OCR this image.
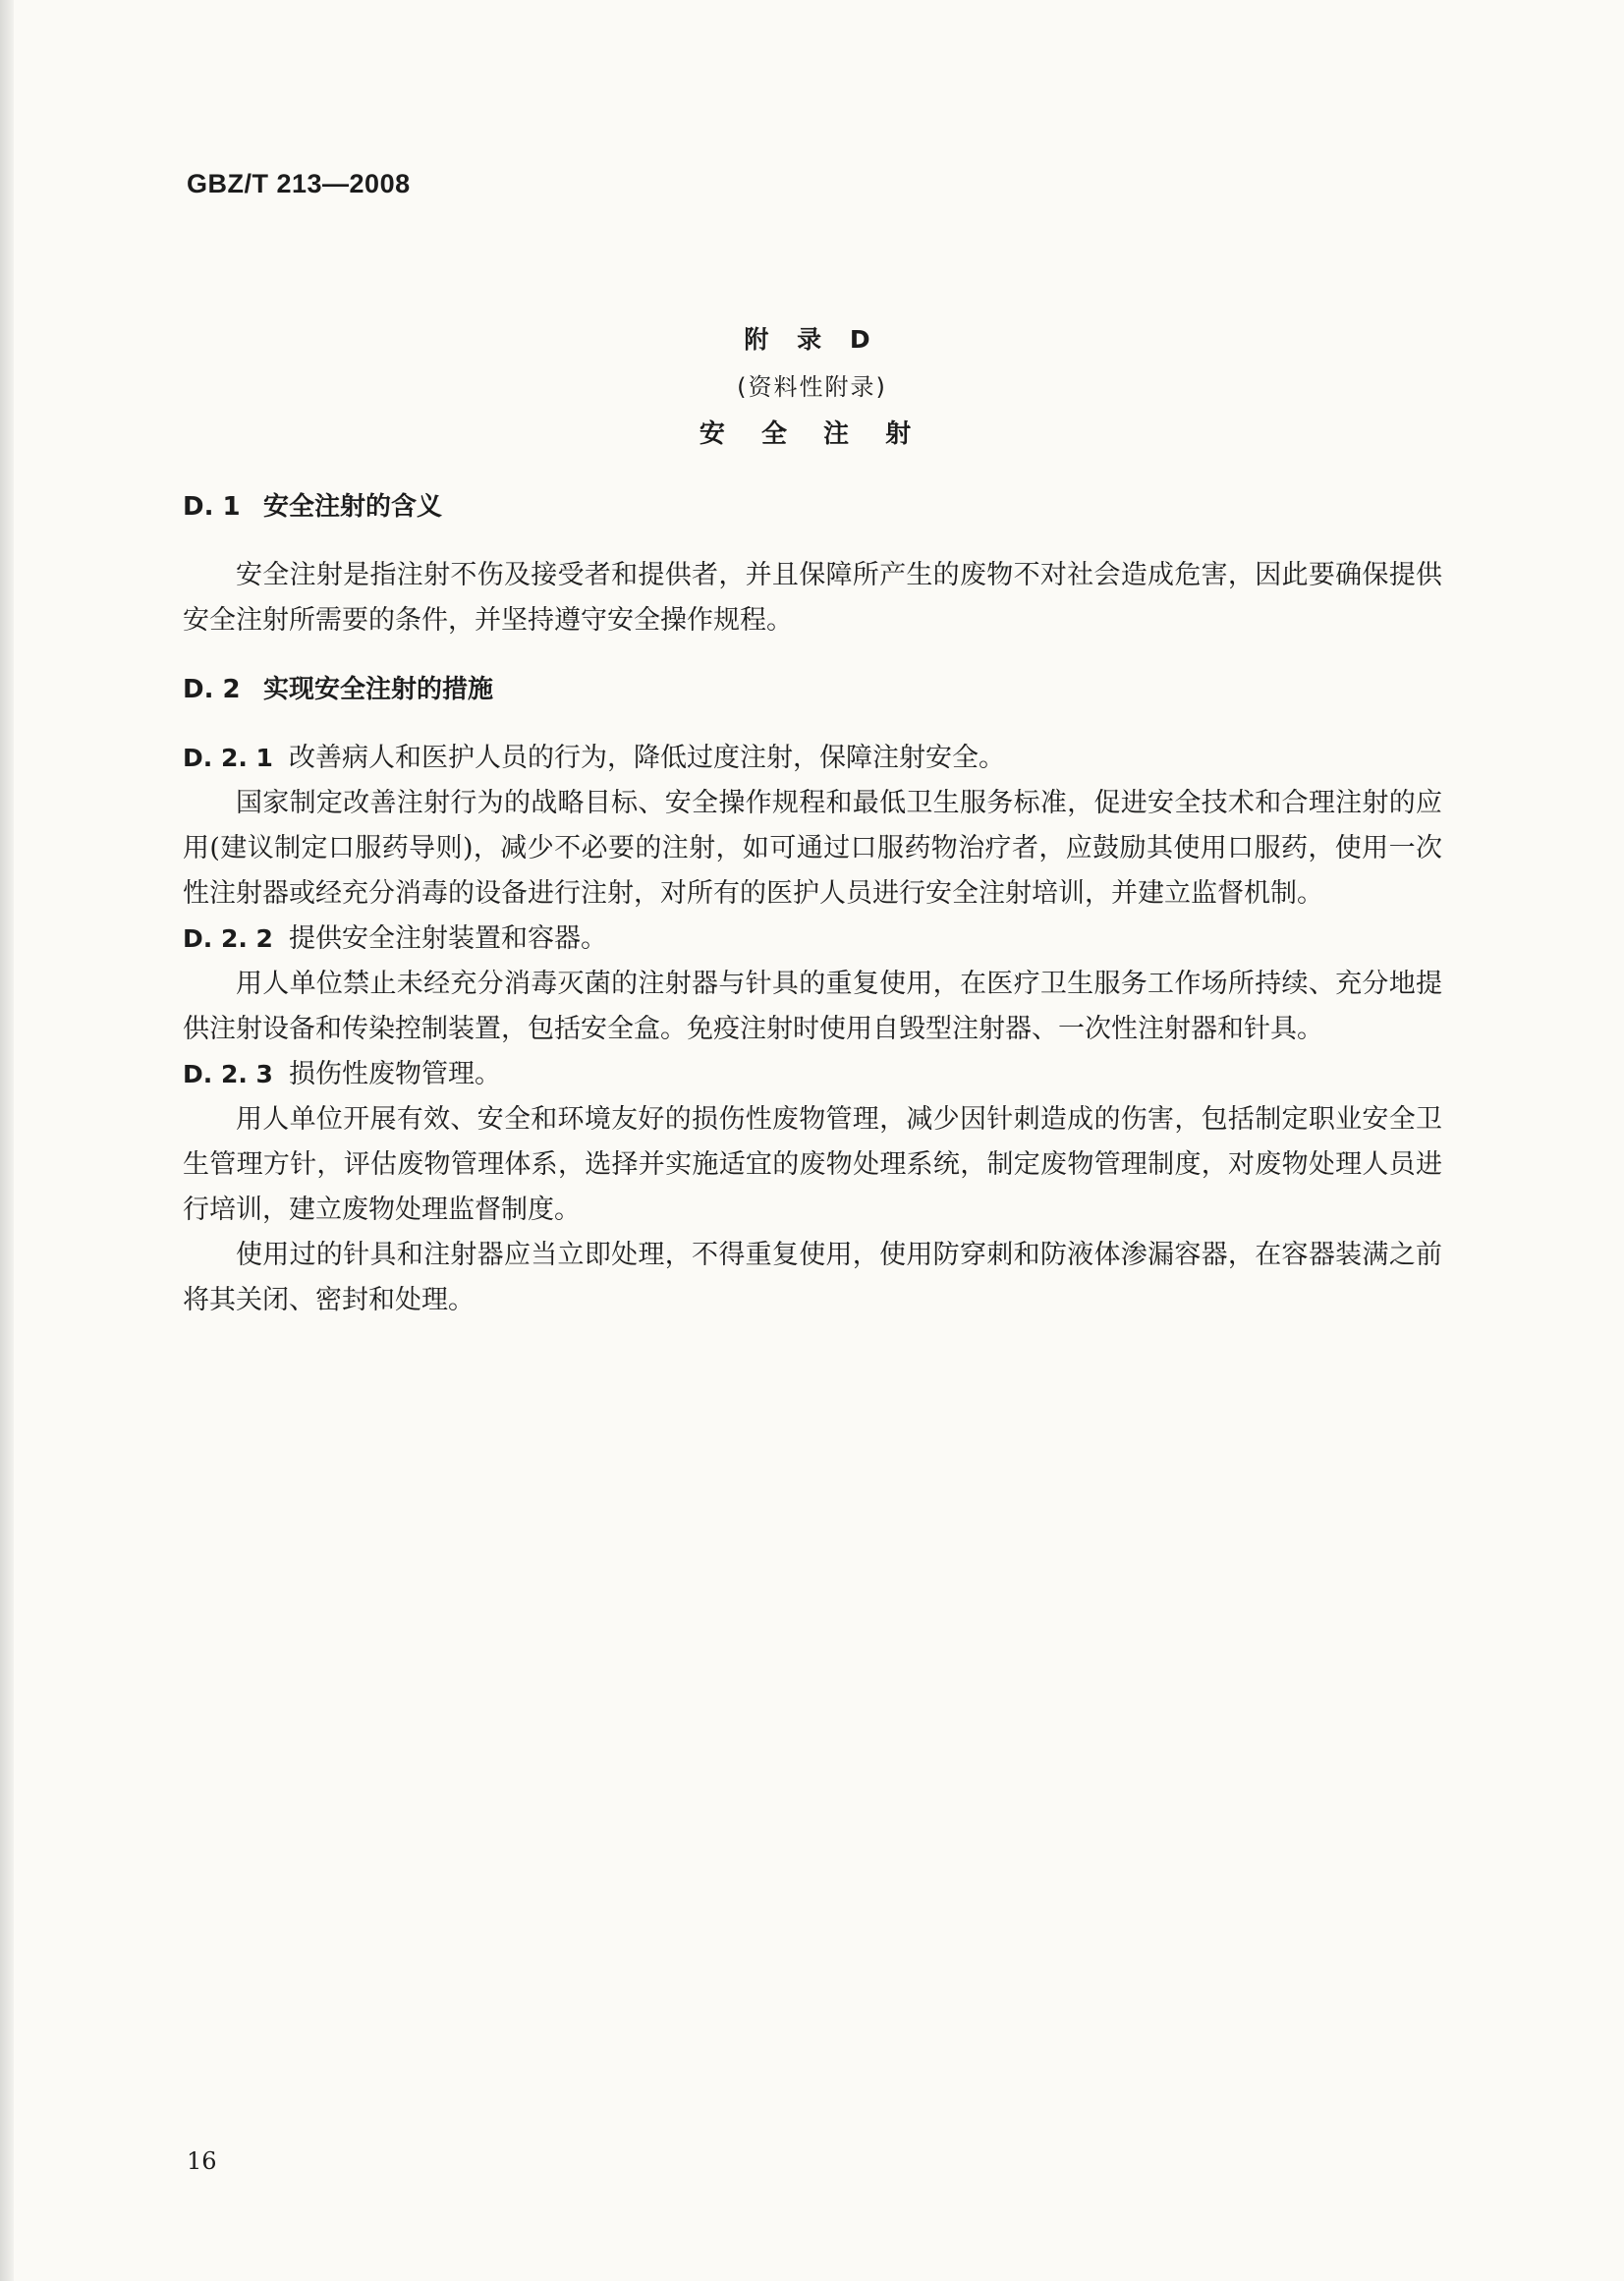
GBZ/T 213—2008

附 录 D
(资料性附录)
安 全 注 射

D. 1 安全注射的含义

安全注射是指注射不伤及接受者和提供者，并且保障所产生的废物不对社会造成危害，因此要确保提供安全注射所需要的条件，并坚持遵守安全操作规程。

D. 2 实现安全注射的措施

D. 2. 1 改善病人和医护人员的行为，降低过度注射，保障注射安全。

国家制定改善注射行为的战略目标、安全操作规程和最低卫生服务标准，促进安全技术和合理注射的应用(建议制定口服药导则)，减少不必要的注射，如可通过口服药物治疗者，应鼓励其使用口服药，使用一次性注射器或经充分消毒的设备进行注射，对所有的医护人员进行安全注射培训，并建立监督机制。

D. 2. 2 提供安全注射装置和容器。

用人单位禁止未经充分消毒灭菌的注射器与针具的重复使用，在医疗卫生服务工作场所持续、充分地提供注射设备和传染控制装置，包括安全盒。免疫注射时使用自毁型注射器、一次性注射器和针具。

D. 2. 3 损伤性废物管理。

用人单位开展有效、安全和环境友好的损伤性废物管理，减少因针刺造成的伤害，包括制定职业安全卫生管理方针，评估废物管理体系，选择并实施适宜的废物处理系统，制定废物管理制度，对废物处理人员进行培训，建立废物处理监督制度。

使用过的针具和注射器应当立即处理，不得重复使用，使用防穿刺和防液体渗漏容器，在容器装满之前将其关闭、密封和处理。

16
